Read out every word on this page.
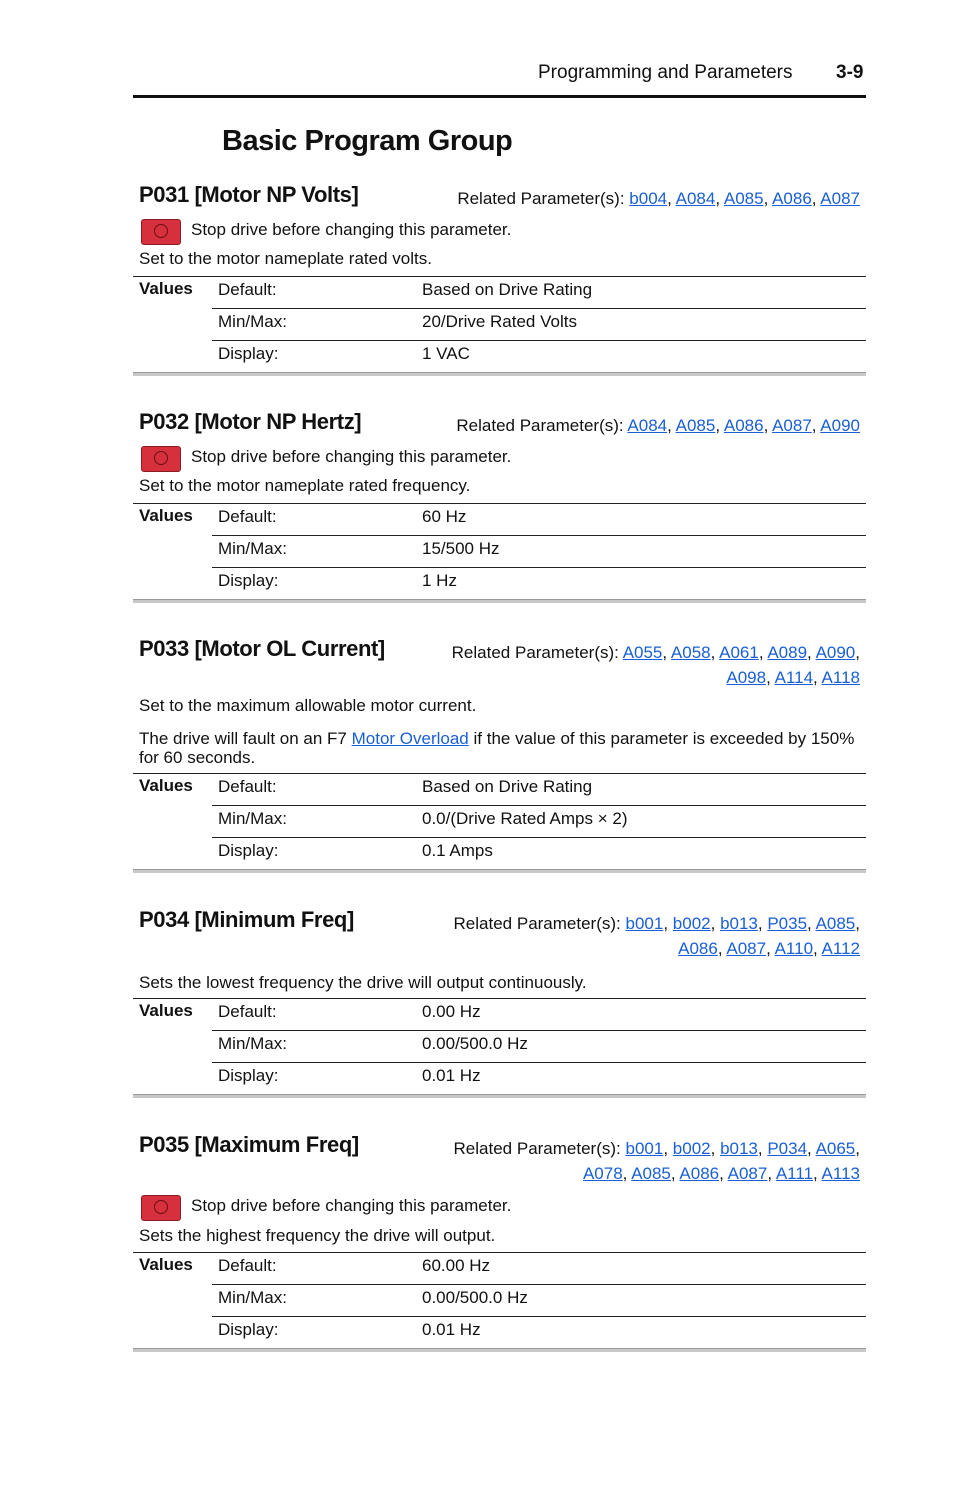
Programming and Parameters 3-9
Basic Program Group
P031 [Motor NP Volts]	Related Parameter(s): b004, A084, A085, A086, A087
Stop drive before changing this parameter.
Set to the motor nameplate rated volts.
Values Default:	Based on Drive Rating
Min/Max:	20/Drive Rated Volts
Display:	1 VAC
P032 [Motor NP Hertz]	Related Parameter(s): A084, A085, A086, A087, A090
Stop drive before changing this parameter.
Set to the motor nameplate rated frequency.
Values Default:	60 Hz
Min/Max:	15/500 Hz
Display:	1 Hz
P033 [Motor OL Current]	Related Parameter(s): A055, A058, A061, A089, A090,
A098, A114, A118
Set to the maximum allowable motor current.
The drive will fault on an F7 Motor Overload if the value of this parameter is exceeded by 150% for 60 seconds.
Values Default:	Based on Drive Rating
Min/Max:	0.0/(Drive Rated Amps × 2)
Display:	0.1 Amps
P034 [Minimum Freq]	Related Parameter(s): b001, b002, b013, P035, A085,
A086, A087, A110, A112
Sets the lowest frequency the drive will output continuously.
Values Default:	0.00 Hz
Min/Max:	0.00/500.0 Hz
Display:	0.01 Hz
P035 [Maximum Freq]	Related Parameter(s): b001, b002, b013, P034, A065,
A078, A085, A086, A087, A111, A113
Stop drive before changing this parameter.
Sets the highest frequency the drive will output.
Values Default:	60.00 Hz
Min/Max:	0.00/500.0 Hz
Display:	0.01 Hz
